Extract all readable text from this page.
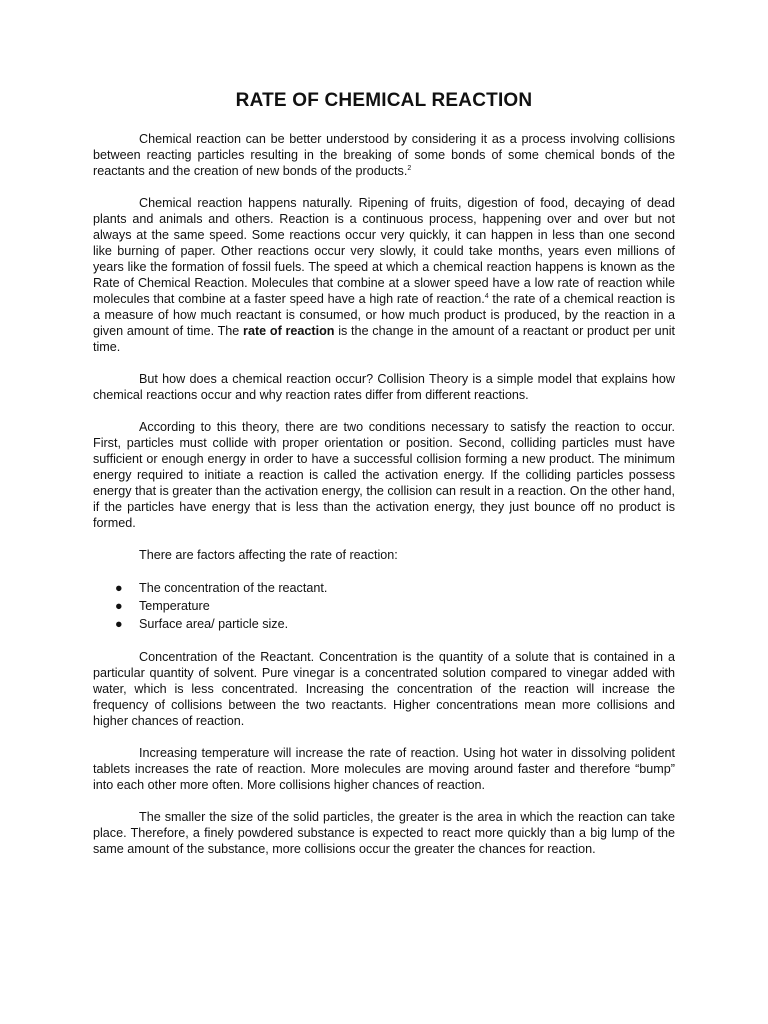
RATE OF CHEMICAL REACTION

Chemical reaction can be better understood by considering it as a process involving collisions between reacting particles resulting in the breaking of some bonds of some chemical bonds of the reactants and the creation of new bonds of the products.$^2$

Chemical reaction happens naturally. Ripening of fruits, digestion of food, decaying of dead plants and animals and others. Reaction is a continuous process, happening over and over but not always at the same speed. Some reactions occur very quickly, it can happen in less than one second like burning of paper. Other reactions occur very slowly, it could take months, years even millions of years like the formation of fossil fuels. The speed at which a chemical reaction happens is known as the Rate of Chemical Reaction. Molecules that combine at a slower speed have a low rate of reaction while molecules that combine at a faster speed have a high rate of reaction.$^4$ the rate of a chemical reaction is a measure of how much reactant is consumed, or how much product is produced, by the reaction in a given amount of time. The rate of reaction is the change in the amount of a reactant or product per unit time.

But how does a chemical reaction occur? Collision Theory is a simple model that explains how chemical reactions occur and why reaction rates differ from different reactions.

According to this theory, there are two conditions necessary to satisfy the reaction to occur. First, particles must collide with proper orientation or position. Second, colliding particles must have sufficient or enough energy in order to have a successful collision forming a new product. The minimum energy required to initiate a reaction is called the activation energy. If the colliding particles possess energy that is greater than the activation energy, the collision can result in a reaction. On the other hand, if the particles have energy that is less than the activation energy, they just bounce off no product is formed.

There are factors affecting the rate of reaction:

● The concentration of the reactant.
● Temperature
● Surface area/ particle size.

Concentration of the Reactant. Concentration is the quantity of a solute that is contained in a particular quantity of solvent. Pure vinegar is a concentrated solution compared to vinegar added with water, which is less concentrated. Increasing the concentration of the reaction will increase the frequency of collisions between the two reactants. Higher concentrations mean more collisions and higher chances of reaction.

Increasing temperature will increase the rate of reaction. Using hot water in dissolving polident tablets increases the rate of reaction. More molecules are moving around faster and therefore “bump” into each other more often. More collisions higher chances of reaction.

The smaller the size of the solid particles, the greater is the area in which the reaction can take place. Therefore, a finely powdered substance is expected to react more quickly than a big lump of the same amount of the substance, more collisions occur the greater the chances for reaction.
